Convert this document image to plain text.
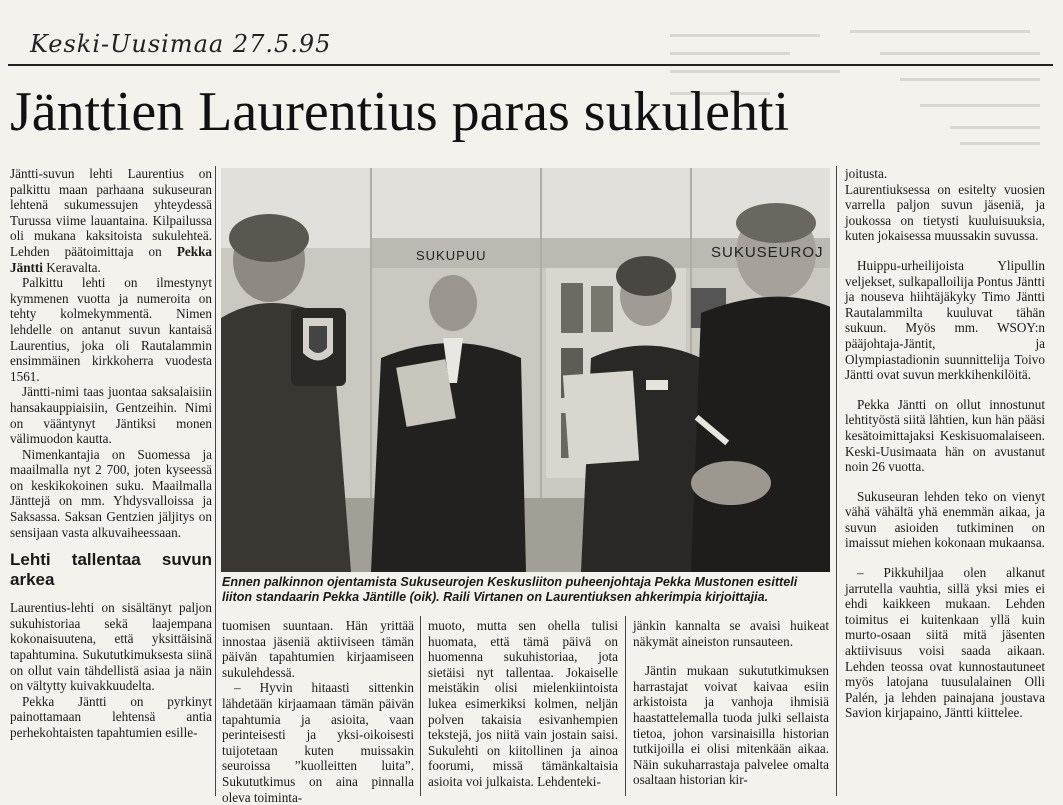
Keski-Uusimaa 27.5.95
Jänttien Laurentius paras sukulehti

Jäntti-suvun lehti Laurentius on palkittu maan parhaana sukuseuran lehtenä sukumessujen yhteydessä Turussa viime lauantaina. Kilpailussa oli mukana kaksitoista sukulehteä. Lehden päätoimittaja on Pekka Jäntti Keravalta.

Palkittu lehti on ilmestynyt kymmenen vuotta ja numeroita on tehty kolmekymmentä. Nimen lehdelle on antanut suvun kantaisä Laurentius, joka oli Rautalammin ensimmäinen kirkkoherra vuodesta 1561.

Jäntti-nimi taas juontaa saksalaisiin hansakauppiaisiin, Gentzeihin. Nimi on vääntynyt Jäntiksi monen välimuodon kautta.

Nimenkantajia on Suomessa ja maailmalla nyt 2 700, joten kyseessä on keskikokoinen suku. Maailmalla Jänttejä on mm. Yhdysvalloissa ja Saksassa. Saksan Gentzien jäljitys on sensijaan vasta alkuvaiheessaan.

Lehti tallentaa suvun arkea

Laurentius-lehti on sisältänyt paljon sukuhistoriaa sekä laajempana kokonaisuutena, että yksittäisinä tapahtumina. Sukututkimuksesta siinä on ollut vain tähdellistä asiaa ja näin on vältytty kuivakkuudelta.

Pekka Jäntti on pyrkinyt painottamaan lehtensä antia perhekohtaisten tapahtumien esille-

SUKUPUU	SUKUSEUROJ

joitusta.

Laurentiuksessa on esitelty vuosien varrella paljon suvun jäseniä, ja joukossa on tietysti kuuluisuuksia, kuten jokaisessa muussakin suvussa.

Huippu-urheilijoista Ylipullin veljekset, sulkapalloilija Pontus Jäntti ja nouseva hiihtäjäkyky Timo Jäntti Rautalammilta kuuluvat tähän sukuun. Myös mm. WSOY:n pääjohtaja-Jäntit, ja Olympiastadionin suunnittelija Toivo Jäntti ovat suvun merkkihenkilöitä.

Pekka Jäntti on ollut innostunut lehtityöstä siitä lähtien, kun hän pääsi kesätoimittajaksi Keskisuomalaiseen. Keski-Uusimaata hän on avustanut noin 26 vuotta.

Sukuseuran lehden teko on vienyt vähä vähältä yhä enemmän aikaa, ja suvun asioiden tutkiminen on imaissut miehen kokonaan mukaansa.

– Pikkuhiljaa olen alkanut jarrutella vauhtia, sillä yksi mies ei ehdi kaikkeen mukaan. Lehden toimitus ei kuitenkaan yllä kuin murto-osaan siitä mitä jäsenten aktiivisuus voisi saada aikaan. Lehden teossa ovat kunnostautuneet myös latojana tuusulalainen Olli Palén, ja lehden painajana joustava Savion kirjapaino, Jäntti kiittelee.

Ennen palkinnon ojentamista Sukuseurojen Keskusliiton puheenjohtaja Pekka Mustonen esitteli liiton standaarin Pekka Jäntille (oik). Raili Virtanen on Laurentiuksen ahkerimpia kirjoittajia.

tuomisen suuntaan. Hän yrittää innostaa jäseniä aktiiviseen tämän päivän tapahtumien kirjaamiseen sukulehdessä.

– Hyvin hitaasti sittenkin lähdetään kirjaamaan tämän päivän tapahtumia ja asioita, vaan perinteisesti ja yksi-oikoisesti tuijotetaan kuten muissakin seuroissa ”kuolleitten luita”. Sukututkimus on aina pinnalla oleva toiminta-

muoto, mutta sen ohella tulisi huomata, että tämä päivä on huomenna sukuhistoriaa, jota sietäisi nyt tallentaa. Jokaiselle meistäkin olisi mielenkiintoista lukea esimerkiksi kolmen, neljän polven takaisia esivanhempien tekstejä, jos niitä vain jostain saisi. Sukulehti on kiitollinen ja ainoa foorumi, missä tämänkaltaisia asioita voi julkaista. Lehdenteki-

jänkin kannalta se avaisi huikeat näkymät aineiston runsauteen.

Jäntin mukaan sukututkimuksen harrastajat voivat kaivaa esiin arkistoista ja vanhoja ihmisiä haastattelemalla tuoda julki sellaista tietoa, johon varsinaisilla historian tutkijoilla ei olisi mitenkään aikaa. Näin sukuharrastaja palvelee omalta osaltaan historian kir-
